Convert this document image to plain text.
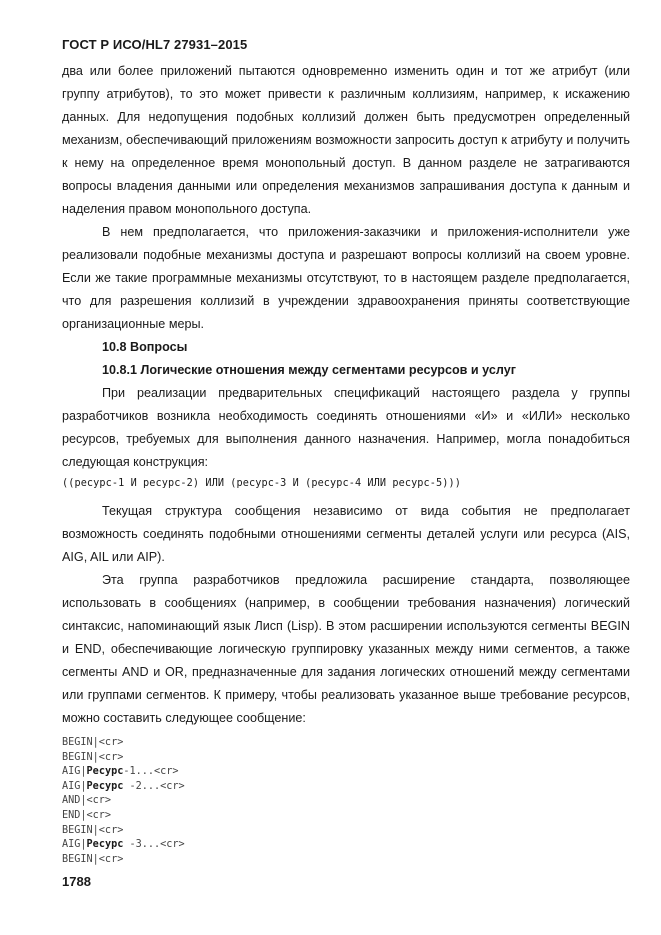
ГОСТ Р ИСО/HL7 27931–2015

два или более приложений пытаются одновременно изменить один и тот же атрибут (или группу атрибутов), то это может привести к различным коллизиям, например, к искажению данных. Для недопущения подобных коллизий должен быть предусмотрен определенный механизм, обеспечивающий приложениям возможности запросить доступ к атрибуту и получить к нему на определенное время монопольный доступ. В данном разделе не затрагиваются вопросы владения данными или определения механизмов запрашивания доступа к данным и наделения правом монопольного доступа.

В нем предполагается, что приложения-заказчики и приложения-исполнители уже реализовали подобные механизмы доступа и разрешают вопросы коллизий на своем уровне. Если же такие программные механизмы отсутствуют, то в настоящем разделе предполагается, что для разрешения коллизий в учреждении здравоохранения приняты соответствующие организационные меры.

10.8 Вопросы

10.8.1 Логические отношения между сегментами ресурсов и услуг

При реализации предварительных спецификаций настоящего раздела у группы разработчиков возникла необходимость соединять отношениями «И» и «ИЛИ» несколько ресурсов, требуемых для выполнения данного назначения. Например, могла понадобиться следующая конструкция:

((ресурс-1 И ресурс-2) ИЛИ (ресурс-3 И (ресурс-4 ИЛИ ресурс-5)))

Текущая структура сообщения независимо от вида события не предполагает возможность соединять подобными отношениями сегменты деталей услуги или ресурса (AIS, AIG, AIL или AIP).

Эта группа разработчиков предложила расширение стандарта, позволяющее использовать в сообщениях (например, в сообщении требования назначения) логический синтаксис, напоминающий язык Лисп (Lisp). В этом расширении используются сегменты BEGIN и END, обеспечивающие логическую группировку указанных между ними сегментов, а также сегменты AND и OR, предназначенные для задания логических отношений между сегментами или группами сегментов. К примеру, чтобы реализовать указанное выше требование ресурсов, можно составить следующее сообщение:

BEGIN|<cr>
BEGIN|<cr>
AIG|Ресурс-1...<cr>
AIG|Ресурс -2...<cr>
AND|<cr>
END|<cr>
BEGIN|<cr>
AIG|Ресурс -3...<cr>
BEGIN|<cr>
1788
